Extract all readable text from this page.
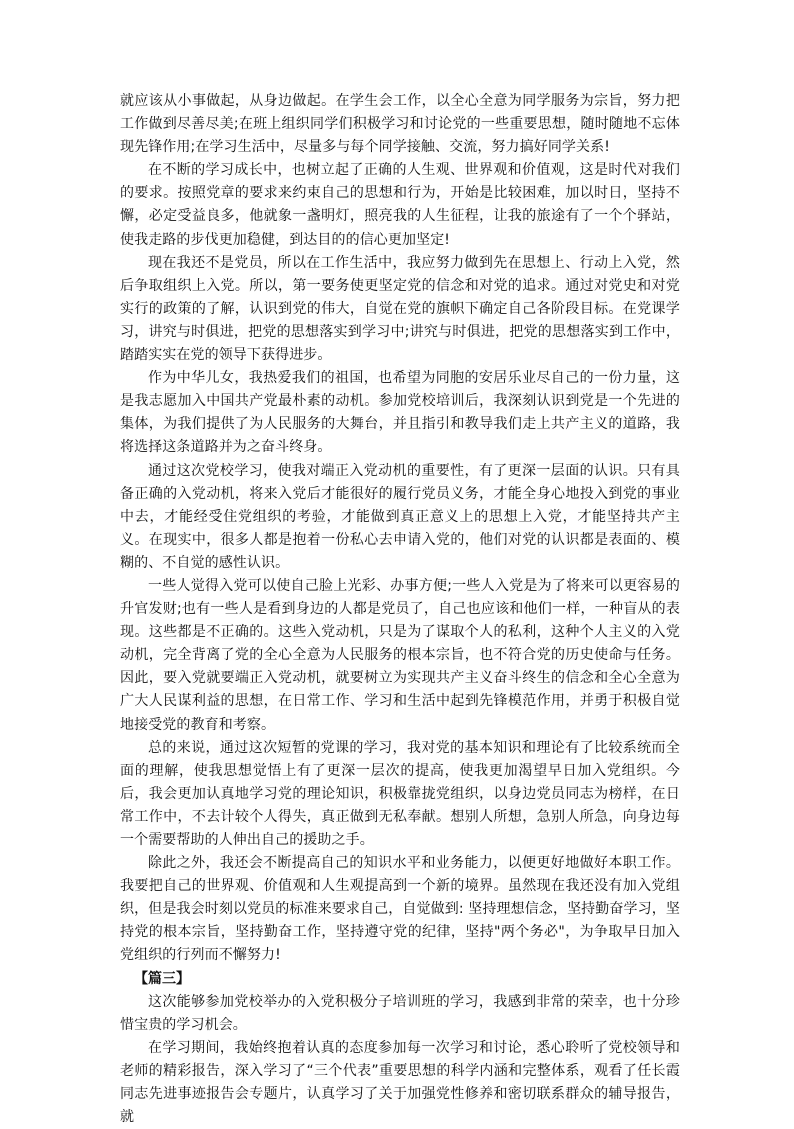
就应该从小事做起，从身边做起。在学生会工作，以全心全意为同学服务为宗旨，努力把工作做到尽善尽美;在班上组织同学们积极学习和讨论党的一些重要思想，随时随地不忘体现先锋作用;在学习生活中，尽量多与每个同学接触、交流，努力搞好同学关系!

在不断的学习成长中，也树立起了正确的人生观、世界观和价值观，这是时代对我们的要求。按照党章的要求来约束自己的思想和行为，开始是比较困难，加以时日，坚持不懈，必定受益良多，他就象一盏明灯，照亮我的人生征程，让我的旅途有了一个个驿站，使我走路的步伐更加稳健，到达目的的信心更加坚定!

现在我还不是党员，所以在工作生活中，我应努力做到先在思想上、行动上入党，然后争取组织上入党。所以，第一要务使更坚定党的信念和对党的追求。通过对党史和对党实行的政策的了解，认识到党的伟大，自觉在党的旗帜下确定自己各阶段目标。在党课学习，讲究与时俱进，把党的思想落实到学习中;讲究与时俱进，把党的思想落实到工作中，踏踏实实在党的领导下获得进步。

作为中华儿女，我热爱我们的祖国，也希望为同胞的安居乐业尽自己的一份力量，这是我志愿加入中国共产党最朴素的动机。参加党校培训后，我深刻认识到党是一个先进的集体，为我们提供了为人民服务的大舞台，并且指引和教导我们走上共产主义的道路，我将选择这条道路并为之奋斗终身。

通过这次党校学习，使我对端正入党动机的重要性，有了更深一层面的认识。只有具备正确的入党动机，将来入党后才能很好的履行党员义务，才能全身心地投入到党的事业中去，才能经受住党组织的考验，才能做到真正意义上的思想上入党，才能坚持共产主义。在现实中，很多人都是抱着一份私心去申请入党的，他们对党的认识都是表面的、模糊的、不自觉的感性认识。

一些人觉得入党可以使自己脸上光彩、办事方便;一些人入党是为了将来可以更容易的升官发财;也有一些人是看到身边的人都是党员了，自己也应该和他们一样，一种盲从的表现。这些都是不正确的。这些入党动机，只是为了谋取个人的私利，这种个人主义的入党动机，完全背离了党的全心全意为人民服务的根本宗旨，也不符合党的历史使命与任务。因此，要入党就要端正入党动机，就要树立为实现共产主义奋斗终生的信念和全心全意为广大人民谋利益的思想，在日常工作、学习和生活中起到先锋模范作用，并勇于积极自觉地接受党的教育和考察。

总的来说，通过这次短暂的党课的学习，我对党的基本知识和理论有了比较系统而全面的理解，使我思想觉悟上有了更深一层次的提高，使我更加渴望早日加入党组织。今后，我会更加认真地学习党的理论知识，积极靠拢党组织，以身边党员同志为榜样，在日常工作中，不去计较个人得失，真正做到无私奉献。想别人所想，急别人所急，向身边每一个需要帮助的人伸出自己的援助之手。

除此之外，我还会不断提高自己的知识水平和业务能力，以便更好地做好本职工作。我要把自己的世界观、价值观和人生观提高到一个新的境界。虽然现在我还没有加入党组织，但是我会时刻以党员的标准来要求自己，自觉做到: 坚持理想信念，坚持勤奋学习，坚持党的根本宗旨，坚持勤奋工作，坚持遵守党的纪律，坚持"两个务必"，为争取早日加入党组织的行列而不懈努力!

【篇三】

这次能够参加党校举办的入党积极分子培训班的学习，我感到非常的荣幸，也十分珍惜宝贵的学习机会。

在学习期间，我始终抱着认真的态度参加每一次学习和讨论，悉心聆听了党校领导和老师的精彩报告，深入学习了“三个代表”重要思想的科学内涵和完整体系，观看了任长霞同志先进事迹报告会专题片，认真学习了关于加强党性修养和密切联系群众的辅导报告，就
